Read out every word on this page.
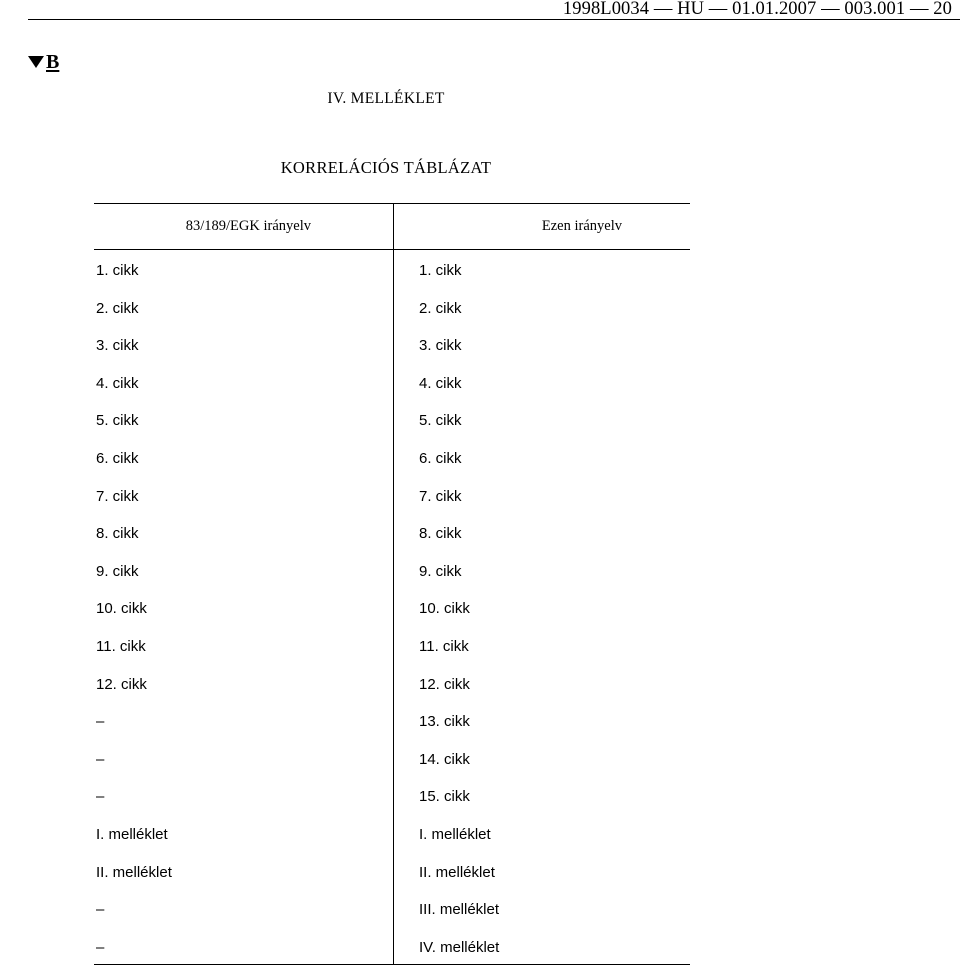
1998L0034 — HU — 01.01.2007 — 003.001 — 20
B
IV. MELLÉKLET
KORRELÁCIÓS TÁBLÁZAT
83/189/EGK irányelv	Ezen irányelv
1. cikk	1. cikk
2. cikk	2. cikk
3. cikk	3. cikk
4. cikk	4. cikk
5. cikk	5. cikk
6. cikk	6. cikk
7. cikk	7. cikk
8. cikk	8. cikk
9. cikk	9. cikk
10. cikk	10. cikk
11. cikk	11. cikk
12. cikk	12. cikk
–	13. cikk
–	14. cikk
–	15. cikk
I. melléklet	I. melléklet
II. melléklet	II. melléklet
–	III. melléklet
–	IV. melléklet
